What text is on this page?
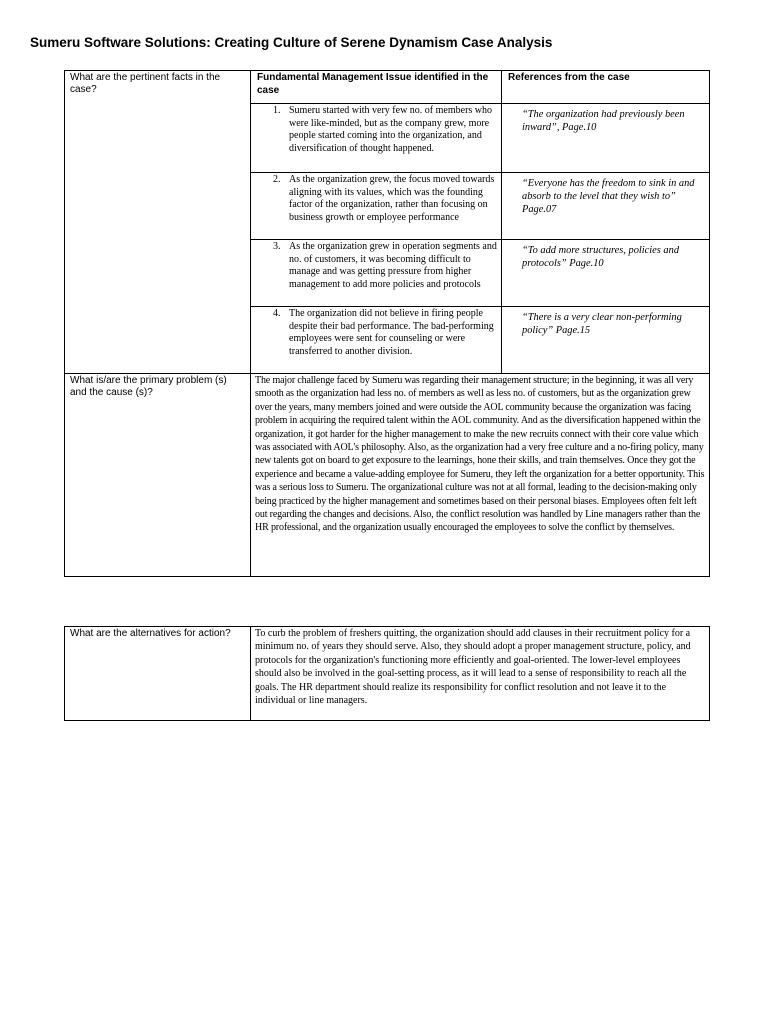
Sumeru Software Solutions: Creating Culture of Serene Dynamism Case Analysis
What are the pertinent facts in the case?	Fundamental Management Issue identified in the case	References from the case

	1. Sumeru started with very few no. of members who were like-minded, but as the company grew, more people started coming into the organization, and diversification of thought happened.	“The organization had previously been inward”, Page.10

	2. As the organization grew, the focus moved towards aligning with its values, which was the founding factor of the organization, rather than focusing on business growth or employee performance	“Everyone has the freedom to sink in and absorb to the level that they wish to” Page.07

	3. As the organization grew in operation segments and no. of customers, it was becoming difficult to manage and was getting pressure from higher management to add more policies and protocols	“To add more structures, policies and protocols” Page.10

	4. The organization did not believe in firing people despite their bad performance. The bad-performing employees were sent for counseling or were transferred to another division.	“There is a very clear non-performing policy” Page.15
What is/are the primary problem (s) and the cause (s)?	The major challenge faced by Sumeru was regarding their management structure; in the beginning, it was all very smooth as the organization had less no. of members as well as less no. of customers, but as the organization grew over the years, many members joined and were outside the AOL community because the organization was facing problem in acquiring the required talent within the AOL community. And as the diversification happened within the organization, it got harder for the higher management to make the new recruits connect with their core value which was associated with AOL's philosophy. Also, as the organization had a very free culture and a no-firing policy, many new talents got on board to get exposure to the learnings, hone their skills, and train themselves. Once they got the experience and became a value-adding employee for Sumeru, they left the organization for a better opportunity. This was a serious loss to Sumeru. The organizational culture was not at all formal, leading to the decision-making only being practiced by the higher management and sometimes based on their personal biases. Employees often felt left out regarding the changes and decisions. Also, the conflict resolution was handled by Line managers rather than the HR professional, and the organization usually encouraged the employees to solve the conflict by themselves.	
What are the alternatives for action?	To curb the problem of freshers quitting, the organization should add clauses in their recruitment policy for a minimum no. of years they should serve. Also, they should adopt a proper management structure, policy, and protocols for the organization's functioning more efficiently and goal-oriented. The lower-level employees should also be involved in the goal-setting process, as it will lead to a sense of responsibility to reach all the goals. The HR department should realize its responsibility for conflict resolution and not leave it to the individual or line managers.
